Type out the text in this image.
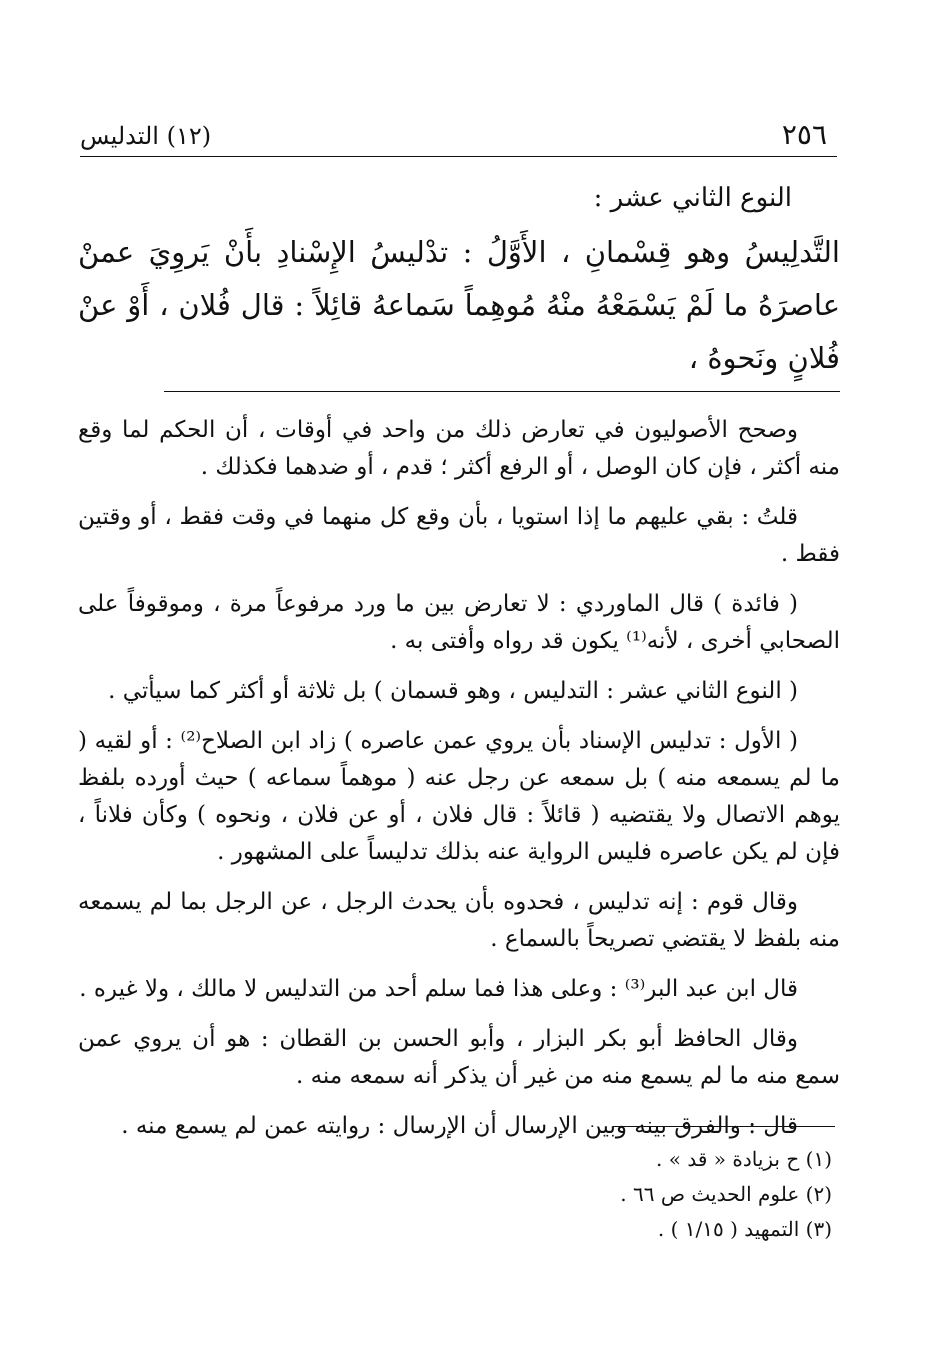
٢٥٦
(١٢) التدليس

النوع الثاني عشر :

التَّدلِيسُ وهو قِسْمانِ ، الأَوَّلُ : تدْليسُ الإِسْنادِ بأَنْ يَروِيَ عمنْ عاصرَهُ ما لَمْ يَسْمَعْهُ منْهُ مُوهِماً سَماعهُ قائِلاً : قال فُلان ، أَوْ عنْ فُلانٍ ونَحوهُ ،

وصحح الأصوليون في تعارض ذلك من واحد في أوقات ، أن الحكم لما وقع منه أكثر ، فإن كان الوصل ، أو الرفع أكثر ؛ قدم ، أو ضدهما فكذلك .

قلتُ : بقي عليهم ما إذا استويا ، بأن وقع كل منهما في وقت فقط ، أو وقتين فقط .

( فائدة ) قال الماوردي : لا تعارض بين ما ورد مرفوعاً مرة ، وموقوفاً على الصحابي أخرى ، لأنه⁽¹⁾ يكون قد رواه وأفتى به .

( النوع الثاني عشر : التدليس ، وهو قسمان ) بل ثلاثة أو أكثر كما سيأتي .

( الأول : تدليس الإسناد بأن يروي عمن عاصره ) زاد ابن الصلاح⁽²⁾ : أو لقيه ( ما لم يسمعه منه ) بل سمعه عن رجل عنه ( موهماً سماعه ) حيث أورده بلفظ يوهم الاتصال ولا يقتضيه ( قائلاً : قال فلان ، أو عن فلان ، ونحوه ) وكأن فلاناً ، فإن لم يكن عاصره فليس الرواية عنه بذلك تدليساً على المشهور .

وقال قوم : إنه تدليس ، فحدوه بأن يحدث الرجل ، عن الرجل بما لم يسمعه منه بلفظ لا يقتضي تصريحاً بالسماع .

قال ابن عبد البر⁽³⁾ : وعلى هذا فما سلم أحد من التدليس لا مالك ، ولا غيره .

وقال الحافظ أبو بكر البزار ، وأبو الحسن بن القطان : هو أن يروي عمن سمع منه ما لم يسمع منه من غير أن يذكر أنه سمعه منه .

قال : والفرق بينه وبين الإرسال أن الإرسال : روايته عمن لم يسمع منه .

(١) ح بزيادة « قد » .

(٢) علوم الحديث ص ٦٦ .

(٣) التمهيد ( ١/١٥ ) .
